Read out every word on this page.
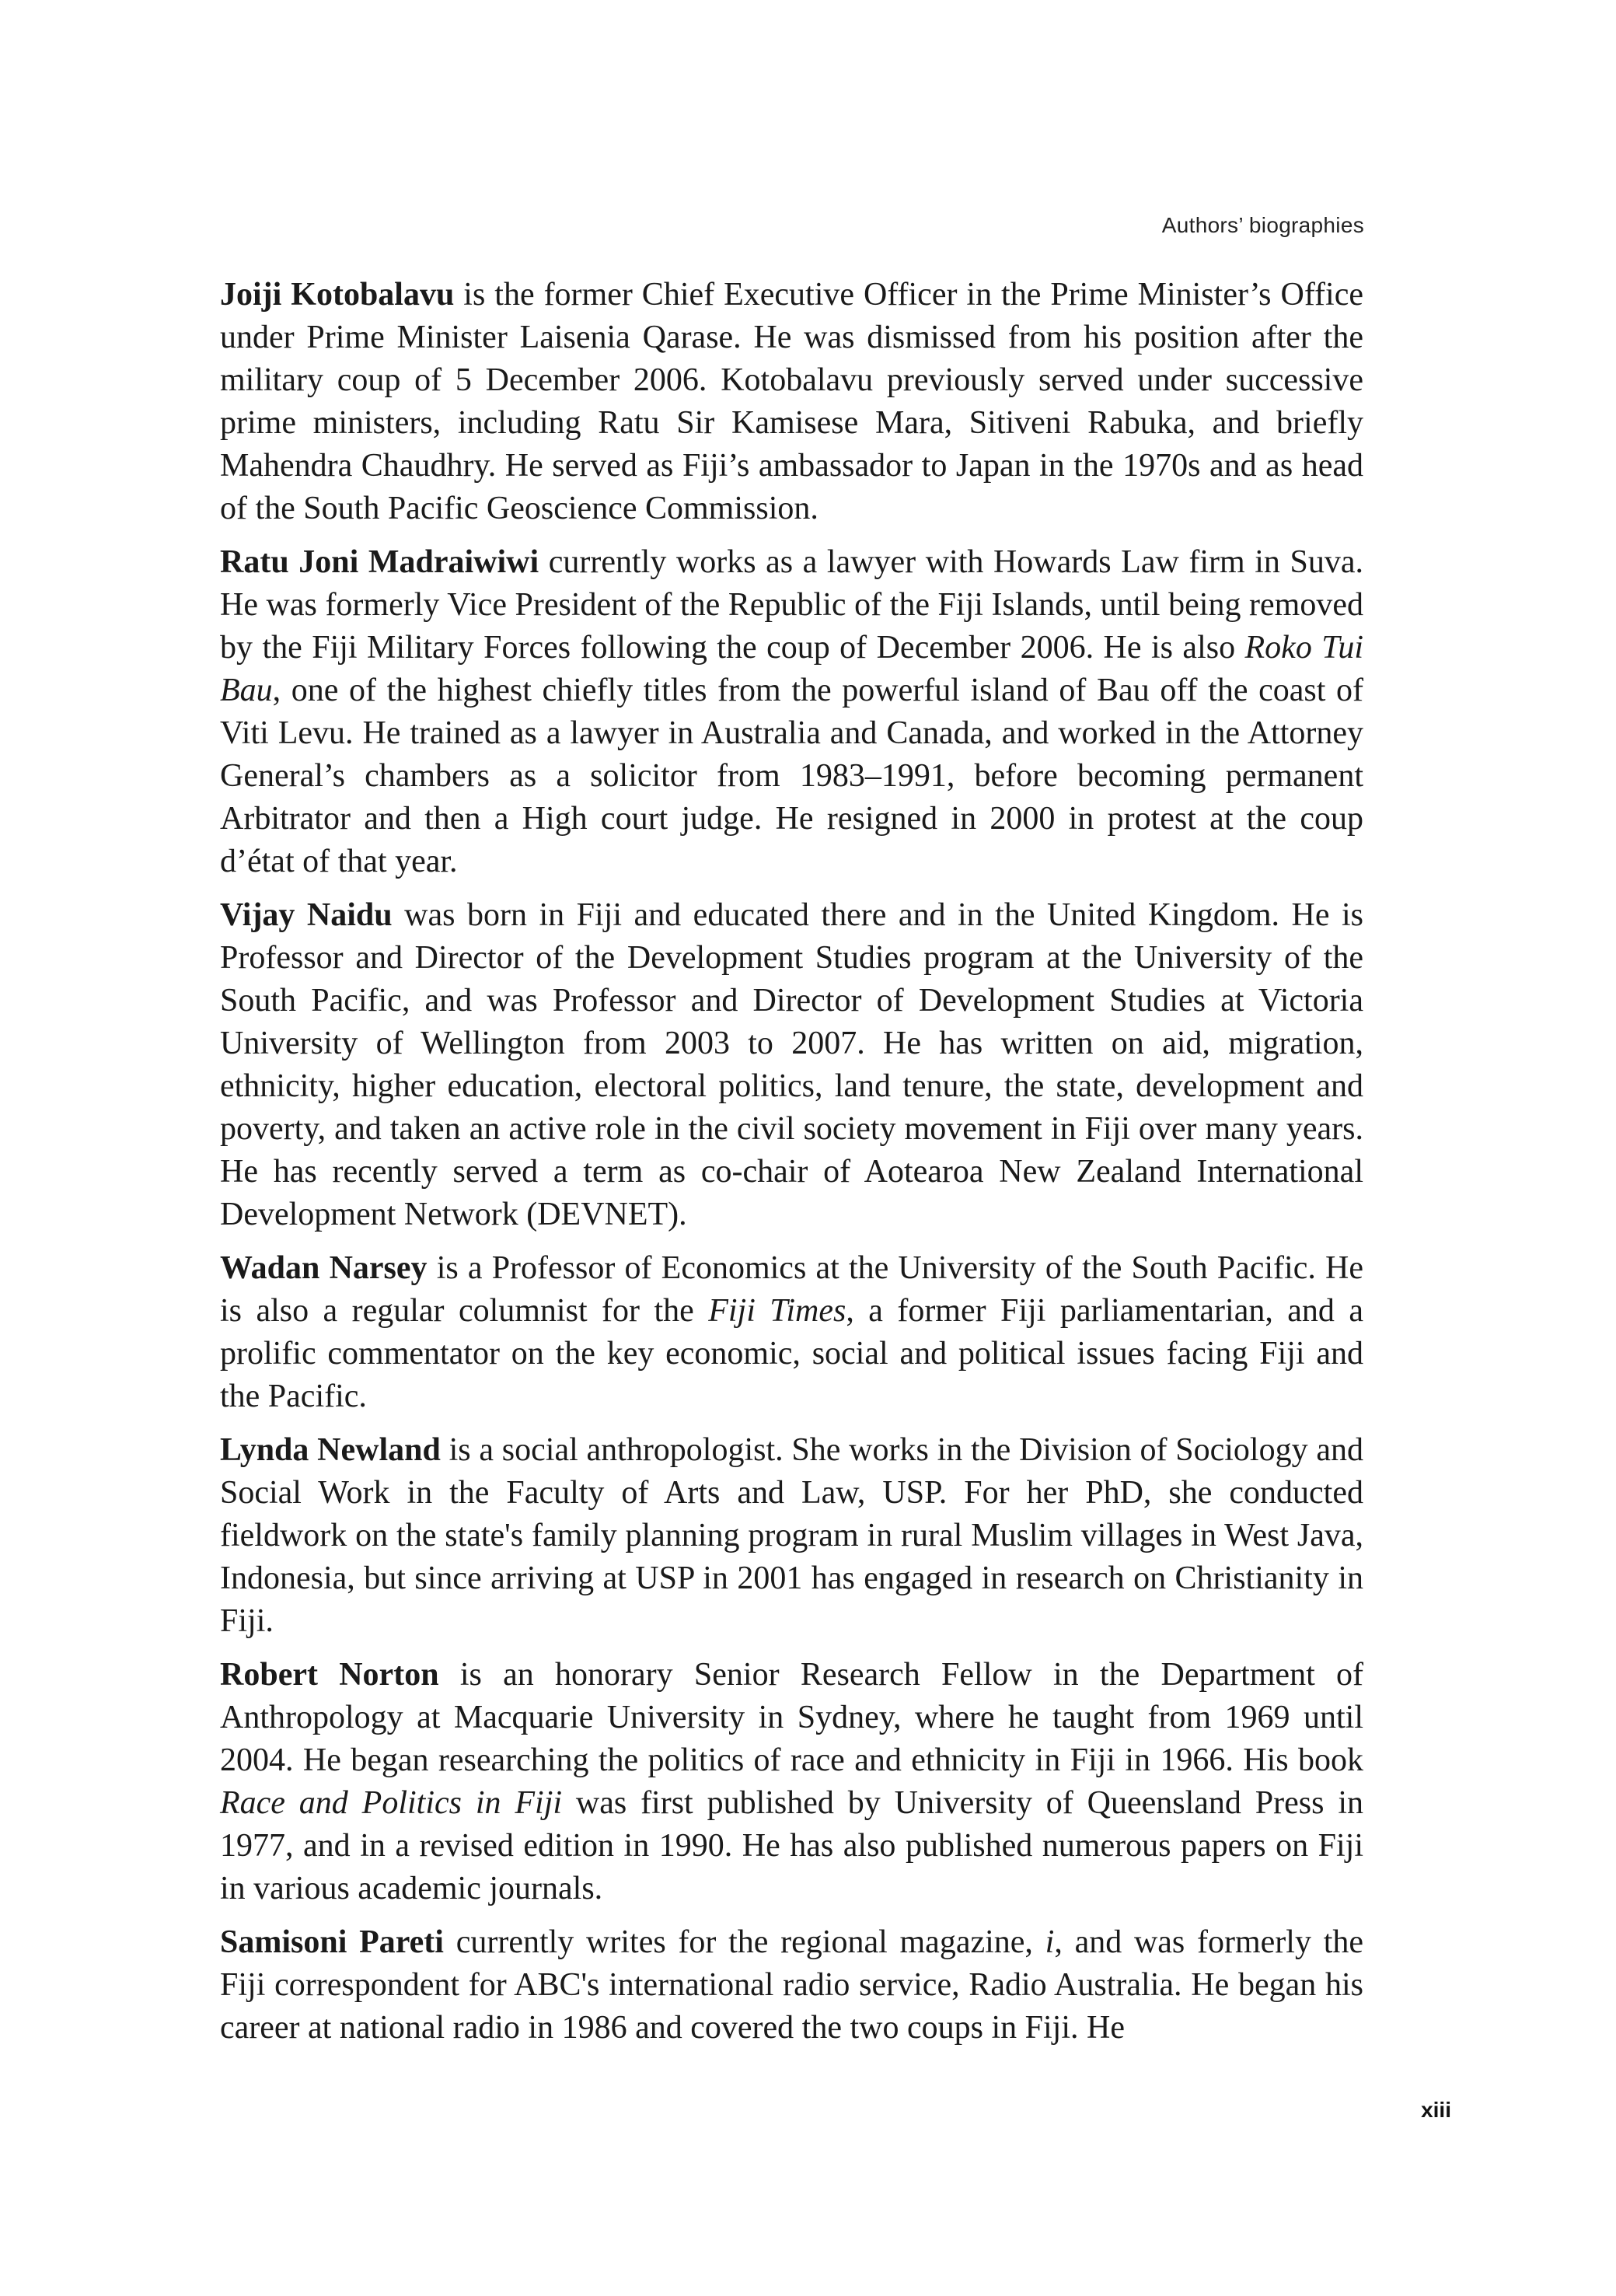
Authors’ biographies

Joiji Kotobalavu is the former Chief Executive Officer in the Prime Minister’s Office under Prime Minister Laisenia Qarase. He was dismissed from his position after the military coup of 5 December 2006. Kotobalavu previously served under successive prime ministers, including Ratu Sir Kamisese Mara, Sitiveni Rabuka, and briefly Mahendra Chaudhry. He served as Fiji’s ambassador to Japan in the 1970s and as head of the South Pacific Geoscience Commission.

Ratu Joni Madraiwiwi currently works as a lawyer with Howards Law firm in Suva. He was formerly Vice President of the Republic of the Fiji Islands, until being removed by the Fiji Military Forces following the coup of December 2006. He is also Roko Tui Bau, one of the highest chiefly titles from the powerful island of Bau off the coast of Viti Levu. He trained as a lawyer in Australia and Canada, and worked in the Attorney General’s chambers as a solicitor from 1983–1991, before becoming permanent Arbitrator and then a High court judge. He resigned in 2000 in protest at the coup d’état of that year.

Vijay Naidu was born in Fiji and educated there and in the United Kingdom. He is Professor and Director of the Development Studies program at the University of the South Pacific, and was Professor and Director of Development Studies at Victoria University of Wellington from 2003 to 2007. He has written on aid, migration, ethnicity, higher education, electoral politics, land tenure, the state, development and poverty, and taken an active role in the civil society movement in Fiji over many years. He has recently served a term as co-chair of Aotearoa New Zealand International Development Network (DEVNET).

Wadan Narsey is a Professor of Economics at the University of the South Pacific. He is also a regular columnist for the Fiji Times, a former Fiji parliamentarian, and a prolific commentator on the key economic, social and political issues facing Fiji and the Pacific.

Lynda Newland is a social anthropologist. She works in the Division of Sociology and Social Work in the Faculty of Arts and Law, USP. For her PhD, she conducted fieldwork on the state's family planning program in rural Muslim villages in West Java, Indonesia, but since arriving at USP in 2001 has engaged in research on Christianity in Fiji.

Robert Norton is an honorary Senior Research Fellow in the Department of Anthropology at Macquarie University in Sydney, where he taught from 1969 until 2004. He began researching the politics of race and ethnicity in Fiji in 1966. His book Race and Politics in Fiji was first published by University of Queensland Press in 1977, and in a revised edition in 1990. He has also published numerous papers on Fiji in various academic journals.

Samisoni Pareti currently writes for the regional magazine, i, and was formerly the Fiji correspondent for ABC's international radio service, Radio Australia. He began his career at national radio in 1986 and covered the two coups in Fiji. He

xiii
